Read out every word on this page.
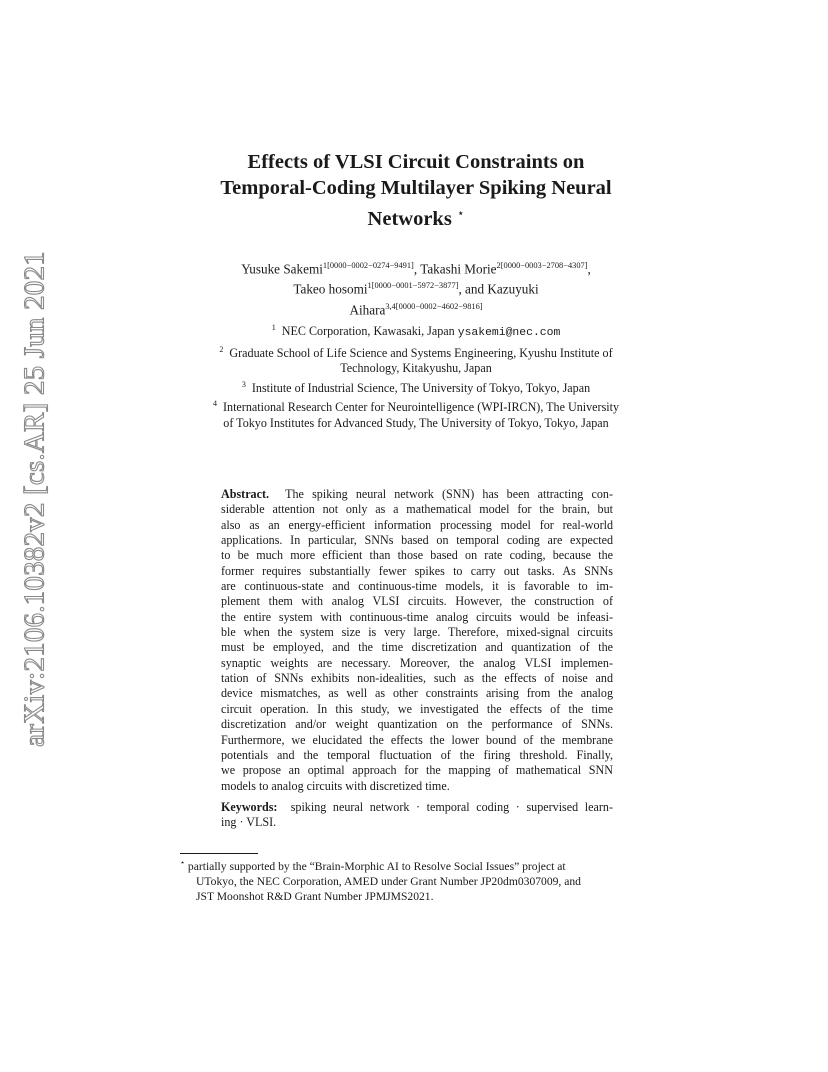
arXiv:2106.10382v2 [cs.AR] 25 Jun 2021
Effects of VLSI Circuit Constraints on
Temporal-Coding Multilayer Spiking Neural
Networks ⋆
Yusuke Sakemi$^{1[0000-0002-0274-9491]}$, Takashi Morie$^{2[0000-0003-2708-4307]}$,
Takeo hosomi$^{1[0000-0001-5972-3877]}$, and Kazuyuki
Aihara$^{3,4[0000-0002-4602-9816]}$
$^1$ NEC Corporation, Kawasaki, Japan ysakemi@nec.com
$^2$ Graduate School of Life Science and Systems Engineering, Kyushu Institute of
Technology, Kitakyushu, Japan
$^3$ Institute of Industrial Science, The University of Tokyo, Tokyo, Japan
$^4$ International Research Center for Neurointelligence (WPI-IRCN), The University
of Tokyo Institutes for Advanced Study, The University of Tokyo, Tokyo, Japan
Abstract. The spiking neural network (SNN) has been attracting con-
siderable attention not only as a mathematical model for the brain, but
also as an energy-efficient information processing model for real-world
applications. In particular, SNNs based on temporal coding are expected
to be much more efficient than those based on rate coding, because the
former requires substantially fewer spikes to carry out tasks. As SNNs
are continuous-state and continuous-time models, it is favorable to im-
plement them with analog VLSI circuits. However, the construction of
the entire system with continuous-time analog circuits would be infeasi-
ble when the system size is very large. Therefore, mixed-signal circuits
must be employed, and the time discretization and quantization of the
synaptic weights are necessary. Moreover, the analog VLSI implemen-
tation of SNNs exhibits non-idealities, such as the effects of noise and
device mismatches, as well as other constraints arising from the analog
circuit operation. In this study, we investigated the effects of the time
discretization and/or weight quantization on the performance of SNNs.
Furthermore, we elucidated the effects the lower bound of the membrane
potentials and the temporal fluctuation of the firing threshold. Finally,
we propose an optimal approach for the mapping of mathematical SNN
models to analog circuits with discretized time.
Keywords: spiking neural network · temporal coding · supervised learn-
ing · VLSI.
⋆ partially supported by the “Brain-Morphic AI to Resolve Social Issues” project at
UTokyo, the NEC Corporation, AMED under Grant Number JP20dm0307009, and
JST Moonshot R&D Grant Number JPMJMS2021.
